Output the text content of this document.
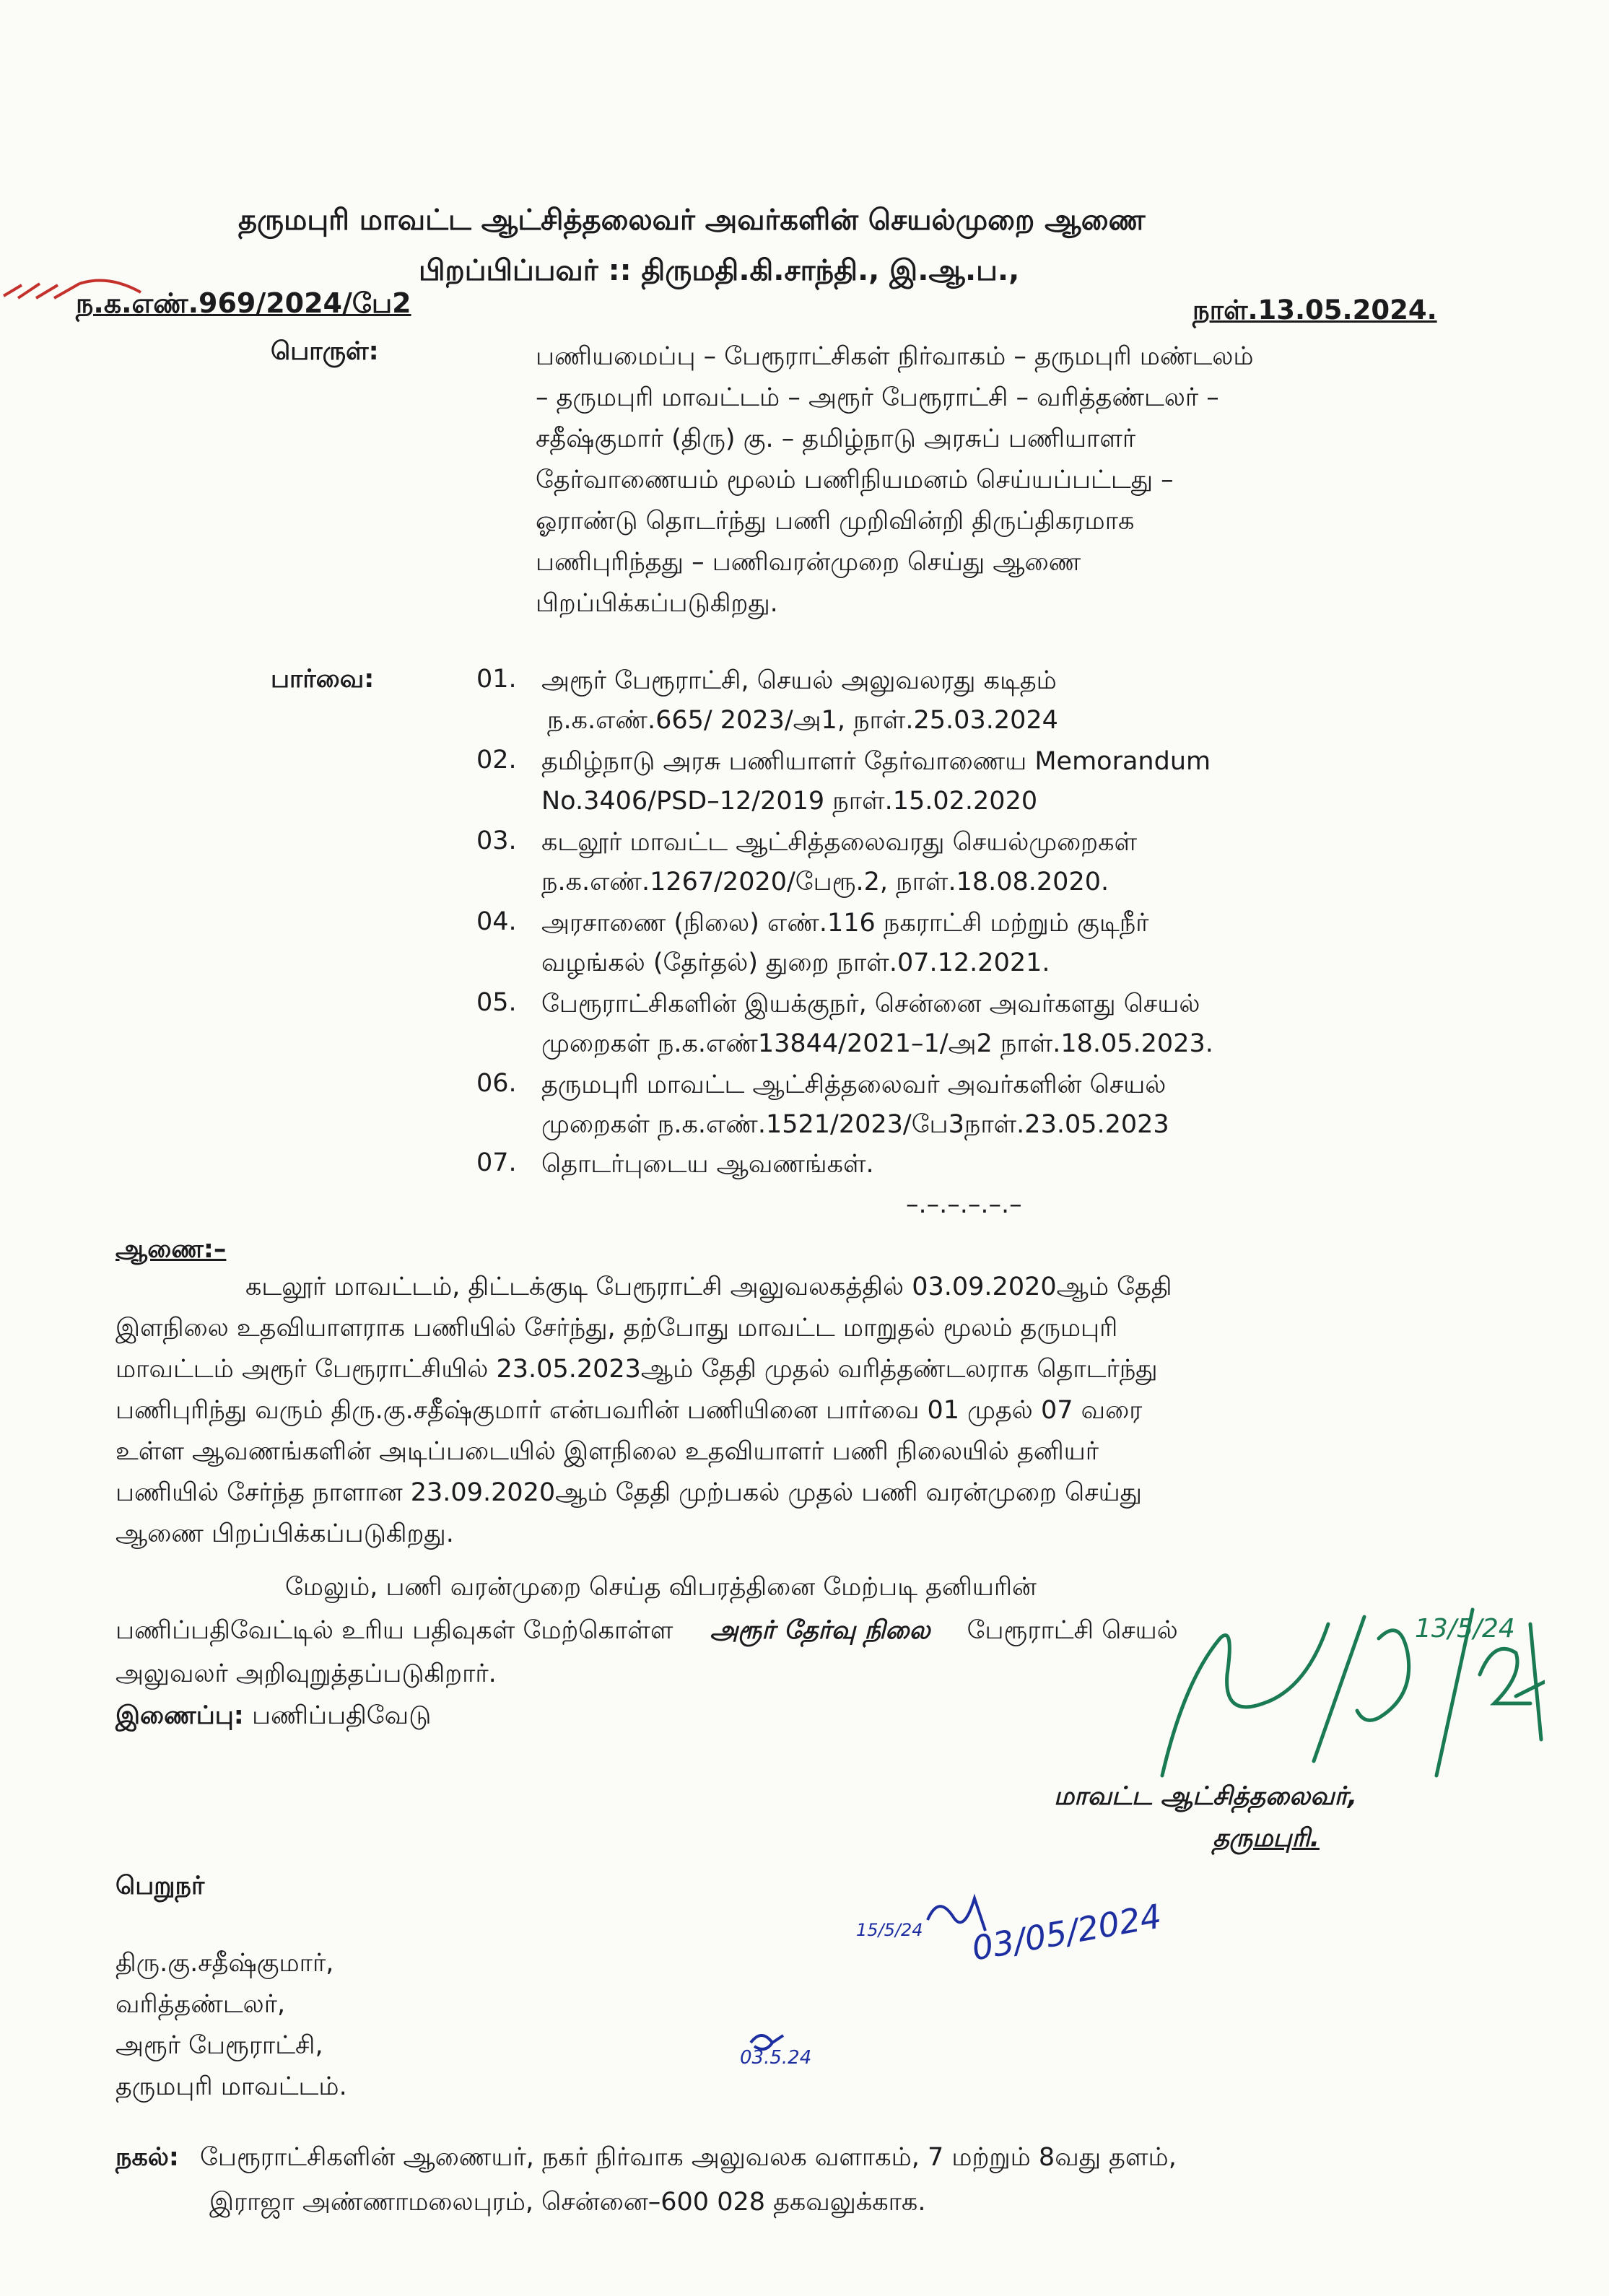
தருமபுரி மாவட்ட ஆட்சித்தலைவர் அவர்களின் செயல்முறை ஆணை
பிறப்பிப்பவர் :: திருமதி.கி.சாந்தி., இ.ஆ.ப.,
ந.க.எண்.969/2024/பே2	நாள்.13.05.2024.
பொருள்:	பணியமைப்பு – பேரூராட்சிகள் நிர்வாகம் – தருமபுரி மண்டலம்
– தருமபுரி மாவட்டம் – அரூர் பேரூராட்சி – வரித்தண்டலர் –
சதீஷ்குமார் (திரு) கு. – தமிழ்நாடு அரசுப் பணியாளர்
தேர்வாணையம் மூலம் பணிநியமனம் செய்யப்பட்டது –
ஓராண்டு தொடர்ந்து பணி முறிவின்றி திருப்திகரமாக
பணிபுரிந்தது – பணிவரன்முறை செய்து ஆணை
பிறப்பிக்கப்படுகிறது.
பார்வை:	01. அரூர் பேரூராட்சி, செயல் அலுவலரது கடிதம்
ந.க.எண்.665/ 2023/அ1, நாள்.25.03.2024
02. தமிழ்நாடு அரசு பணியாளர் தேர்வாணைய Memorandum
No.3406/PSD–12/2019 நாள்.15.02.2020
03. கடலூர் மாவட்ட ஆட்சித்தலைவரது செயல்முறைகள்
ந.க.எண்.1267/2020/பேரூ.2, நாள்.18.08.2020.
04. அரசாணை (நிலை) எண்.116 நகராட்சி மற்றும் குடிநீர்
வழங்கல் (தேர்தல்) துறை நாள்.07.12.2021.
05. பேரூராட்சிகளின் இயக்குநர், சென்னை அவர்களது செயல்
முறைகள் ந.க.எண்13844/2021–1/அ2 நாள்.18.05.2023.
06. தருமபுரி மாவட்ட ஆட்சித்தலைவர் அவர்களின் செயல்
முறைகள் ந.க.எண்.1521/2023/பே3நாள்.23.05.2023
07. தொடர்புடைய ஆவணங்கள்.
–.–.–.–.–.–
ஆணை:–
கடலூர் மாவட்டம், திட்டக்குடி பேரூராட்சி அலுவலகத்தில் 03.09.2020ஆம் தேதி
இளநிலை உதவியாளராக பணியில் சேர்ந்து, தற்போது மாவட்ட மாறுதல் மூலம் தருமபுரி
மாவட்டம் அரூர் பேரூராட்சியில் 23.05.2023ஆம் தேதி முதல் வரித்தண்டலராக தொடர்ந்து
பணிபுரிந்து வரும் திரு.கு.சதீஷ்குமார் என்பவரின் பணியினை பார்வை 01 முதல் 07 வரை
உள்ள ஆவணங்களின் அடிப்படையில் இளநிலை உதவியாளர் பணி நிலையில் தனியர்
பணியில் சேர்ந்த நாளான 23.09.2020ஆம் தேதி முற்பகல் முதல் பணி வரன்முறை செய்து
ஆணை பிறப்பிக்கப்படுகிறது.
மேலும், பணி வரன்முறை செய்த விபரத்தினை மேற்படி தனியரின்
பணிப்பதிவேட்டில் உரிய பதிவுகள் மேற்கொள்ள அரூர் தேர்வு நிலை பேரூராட்சி செயல்
அலுவலர் அறிவுறுத்தப்படுகிறார்.
இணைப்பு: பணிப்பதிவேடு
13/5/24
மாவட்ட ஆட்சித்தலைவர்,
தருமபுரி.
பெறுநர்
திரு.கு.சதீஷ்குமார்,
வரித்தண்டலர்,
அரூர் பேரூராட்சி,
தருமபுரி மாவட்டம்.
15/5/24 03/05/2024
03.5.24
நகல்: பேரூராட்சிகளின் ஆணையர், நகர் நிர்வாக அலுவலக வளாகம், 7 மற்றும் 8வது தளம்,
இராஜா அண்ணாமலைபுரம், சென்னை–600 028 தகவலுக்காக.
